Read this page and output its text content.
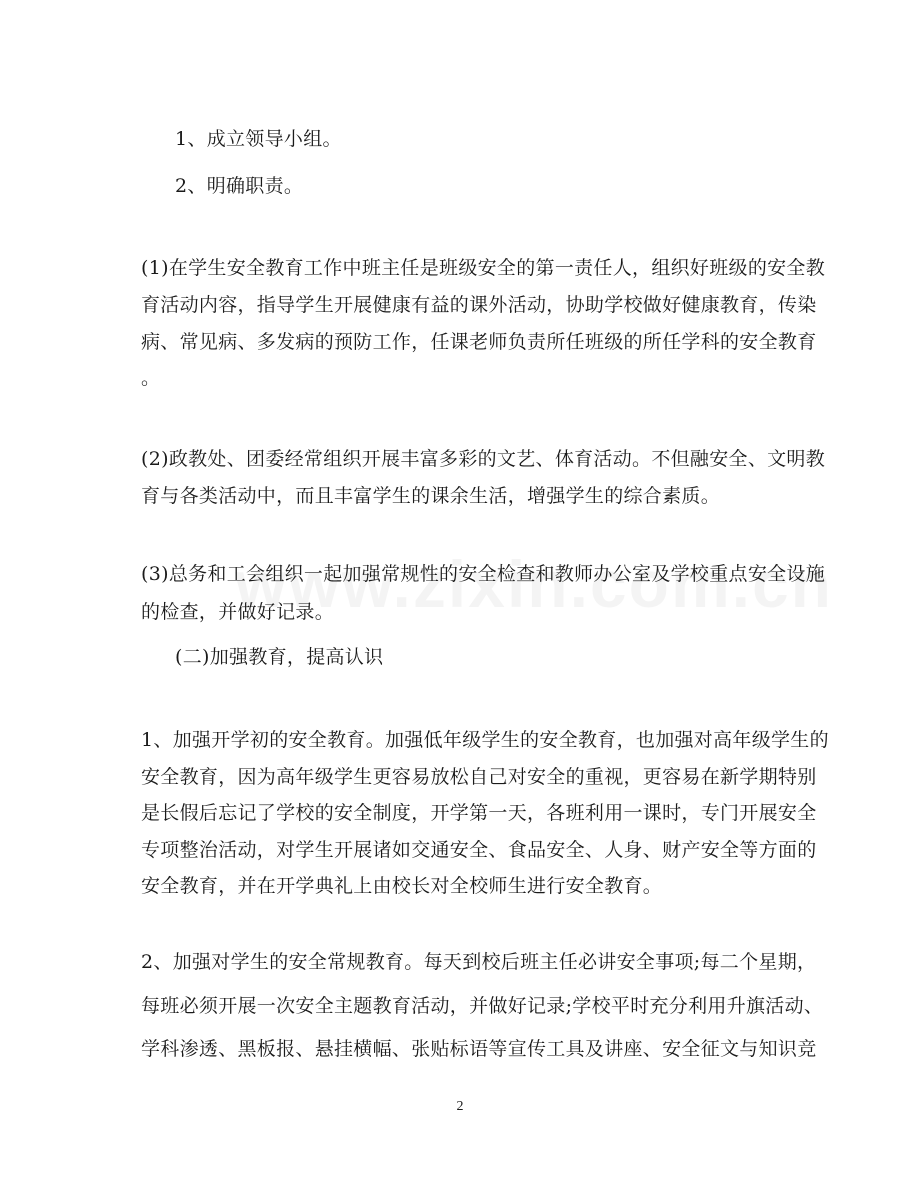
1、成立领导小组。
2、明确职责。
(1)在学生安全教育工作中班主任是班级安全的第一责任人，组织好班级的安全教
育活动内容，指导学生开展健康有益的课外活动，协助学校做好健康教育，传染
病、常见病、多发病的预防工作，任课老师负责所任班级的所任学科的安全教育
。
(2)政教处、团委经常组织开展丰富多彩的文艺、体育活动。不但融安全、文明教
育与各类活动中，而且丰富学生的课余生活，增强学生的综合素质。
(3)总务和工会组织一起加强常规性的安全检查和教师办公室及学校重点安全设施
的检查，并做好记录。
(二)加强教育，提高认识
1、加强开学初的安全教育。加强低年级学生的安全教育，也加强对高年级学生的
安全教育，因为高年级学生更容易放松自己对安全的重视，更容易在新学期特别
是长假后忘记了学校的安全制度，开学第一天，各班利用一课时，专门开展安全
专项整治活动，对学生开展诸如交通安全、食品安全、人身、财产安全等方面的
安全教育，并在开学典礼上由校长对全校师生进行安全教育。
2、加强对学生的安全常规教育。每天到校后班主任必讲安全事项;每二个星期，
每班必须开展一次安全主题教育活动，并做好记录;学校平时充分利用升旗活动、
学科渗透、黑板报、悬挂横幅、张贴标语等宣传工具及讲座、安全征文与知识竞
2
